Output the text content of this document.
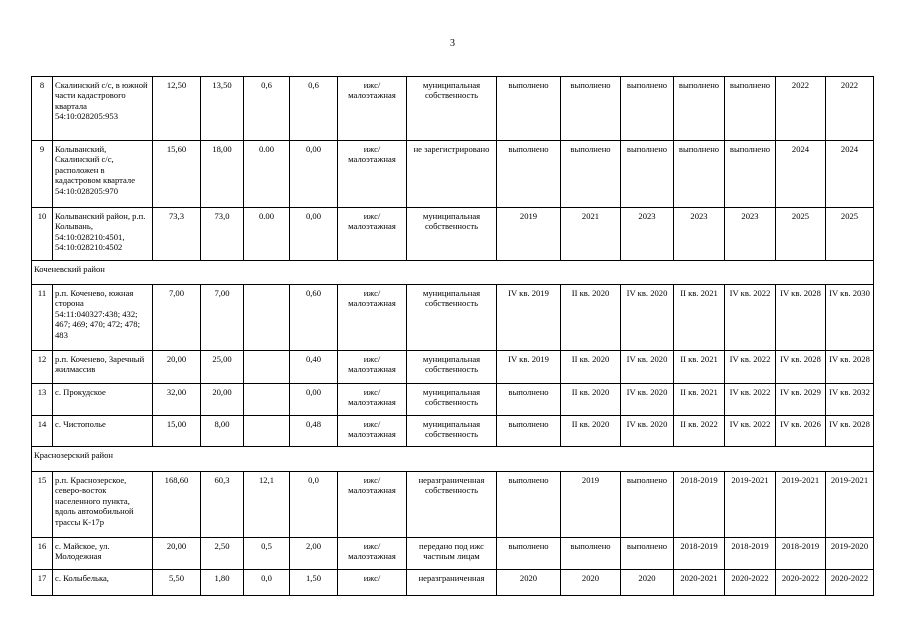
3
8	Скалинский с/с, в южной части кадастрового квартала 54:10:028205:953	12,50	13,50	0,6	0,6	ижс/ малоэтажная	муниципальная собственность	выполнено	выполнено	выполнено	выполнено	выполнено	2022	2022
9	Колыванский, Скалинский с/с, расположен в кадастровом квартале 54:10:028205:970	15,60	18,00	0.00	0,00	ижс/ малоэтажная	не зарегистрировано	выполнено	выполнено	выполнено	выполнено	выполнено	2024	2024
10	Колыванский район, р.п. Колывань, 54:10:028210:4501, 54:10:028210:4502	73,3	73,0	0.00	0,00	ижс/ малоэтажная	муниципальная собственность	2019	2021	2023	2023	2023	2025	2025
Коченевский район														
11	р.п. Коченево, южная сторона 54:11:040327:438; 432; 467; 469; 470; 472; 478; 483	7,00	7,00		0,60	ижс/ малоэтажная	муниципальная собственность	IV кв. 2019	II кв. 2020	IV кв. 2020	II кв. 2021	IV кв. 2022	IV кв. 2028	IV кв. 2030
12	р.п. Коченево, Заречный жилмассив	20,00	25,00		0,40	ижс/ малоэтажная	муниципальная собственность	IV кв. 2019	II кв. 2020	IV кв. 2020	II кв. 2021	IV кв. 2022	IV кв. 2028	IV кв. 2028
13	с. Прокудское	32,00	20,00		0,00	ижс/ малоэтажная	муниципальная собственность	выполнено	II кв. 2020	IV кв. 2020	II кв. 2021	IV кв. 2022	IV кв. 2029	IV кв. 2032
14	с. Чистополье	15,00	8,00		0,48	ижс/ малоэтажная	муниципальная собственность	выполнено	II кв. 2020	IV кв. 2020	II кв. 2022	IV кв. 2022	IV кв. 2026	IV кв. 2028
Краснозерский район														
15	р.п. Краснозерское, северо-восток населенного пункта, вдоль автомобильной трассы К-17р	168,60	60,3	12,1	0,0	ижс/ малоэтажная	неразграниченная собственность	выполнено	2019	выполнено	2018-2019	2019-2021	2019-2021	2019-2021
16	с. Майское, ул. Молодежная	20,00	2,50	0,5	2,00	ижс/ малоэтажная	передано под ижс частным лицам	выполнено	выполнено	выполнено	2018-2019	2018-2019	2018-2019	2019-2020
17	с. Колыбелька,	5,50	1,80	0,0	1,50	ижс/	неразграниченная	2020	2020	2020	2020-2021	2020-2022	2020-2022	2020-2022
